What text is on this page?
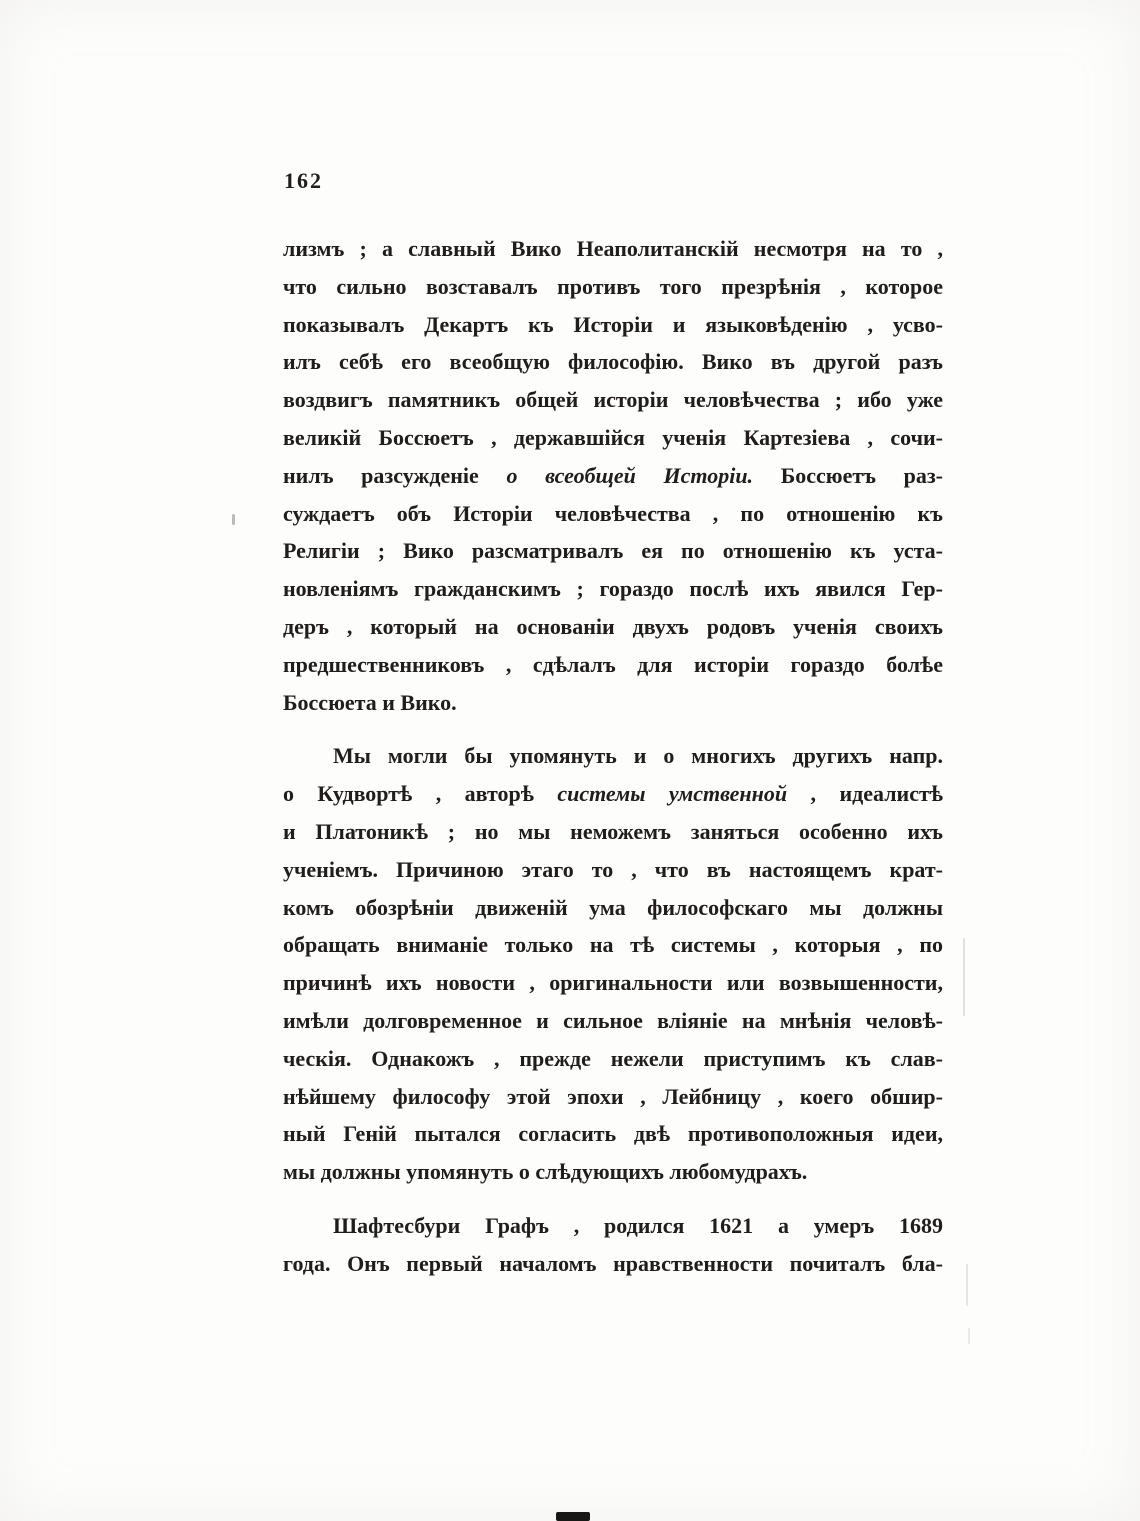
162
лизмъ ; а славный Вико Неаполитанскій несмотря на то ,
что сильно возставалъ противъ того презрѣнія , которое
показывалъ Декартъ къ Исторіи и языковѣденію , усво-
илъ себѣ его всеобщую философію. Вико въ другой разъ
воздвигъ памятникъ общей исторіи человѣчества ; ибо уже
великій Боссюетъ , державшійся ученія Картезіева , сочи-
нилъ разсужденіе о всеобщей Исторіи. Боссюетъ раз-
суждаетъ объ Исторіи человѣчества , по отношенію къ
Религіи ; Вико разсматривалъ ея по отношенію къ уста-
новленіямъ гражданскимъ ; гораздо послѣ ихъ явился Гер-
деръ , который на основаніи двухъ родовъ ученія своихъ
предшественниковъ , сдѣлалъ для исторіи гораздо болѣе
Боссюета и Вико.
Мы могли бы упомянуть и о многихъ другихъ напр.
о Кудвортѣ , авторѣ системы умственной , идеалистѣ
и Платоникѣ ; но мы неможемъ заняться особенно ихъ
ученіемъ. Причиною этаго то , что въ настоящемъ крат-
комъ обозрѣніи движеній ума философскаго мы должны
обращать вниманіе только на тѣ системы , которыя , по
причинѣ ихъ новости , оригинальности или возвышенности,
имѣли долговременное и сильное вліяніе на мнѣнія человѣ-
ческія. Однакожъ , прежде нежели приступимъ къ слав-
нѣйшему философу этой эпохи , Лейбницу , коего обшир-
ный Геній пытался согласить двѣ противоположныя идеи,
мы должны упомянуть о слѣдующихъ любомудрахъ.
Шафтесбури Графъ , родился 1621 а умеръ 1689
года. Онъ первый началомъ нравственности почиталъ бла-
